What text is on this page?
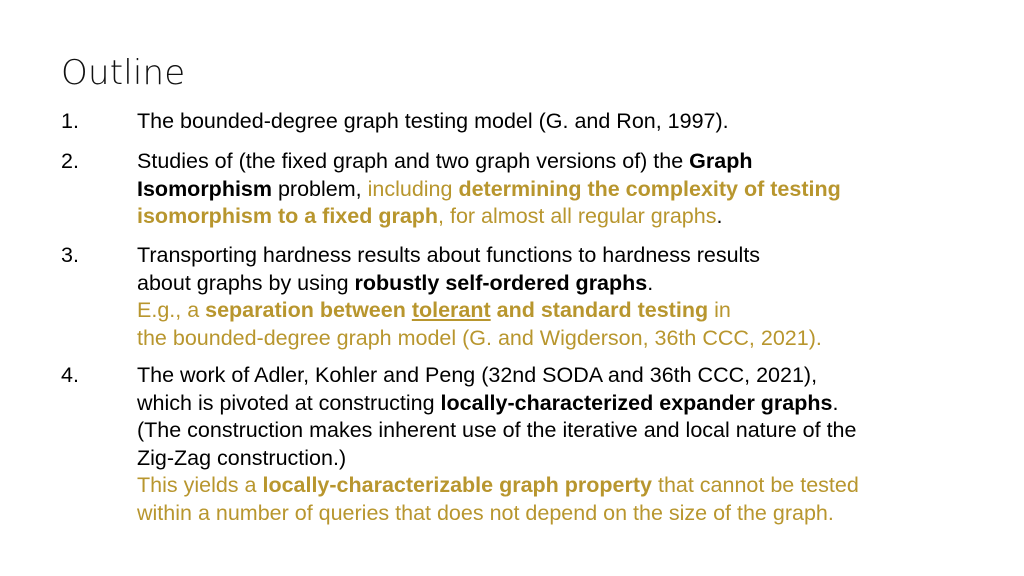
Outline
1.	The bounded-degree graph testing model (G. and Ron, 1997).
2.	Studies of (the fixed graph and two graph versions of) the Graph
Isomorphism problem, including determining the complexity of testing
isomorphism to a fixed graph, for almost all regular graphs.
3.	Transporting hardness results about functions to hardness results
about graphs by using robustly self-ordered graphs.
E.g., a separation between tolerant and standard testing in
the bounded-degree graph model (G. and Wigderson, 36th CCC, 2021).
4.	The work of Adler, Kohler and Peng (32nd SODA and 36th CCC, 2021),
which is pivoted at constructing locally-characterized expander graphs.
(The construction makes inherent use of the iterative and local nature of the
Zig-Zag construction.)
This yields a locally-characterizable graph property that cannot be tested
within a number of queries that does not depend on the size of the graph.
